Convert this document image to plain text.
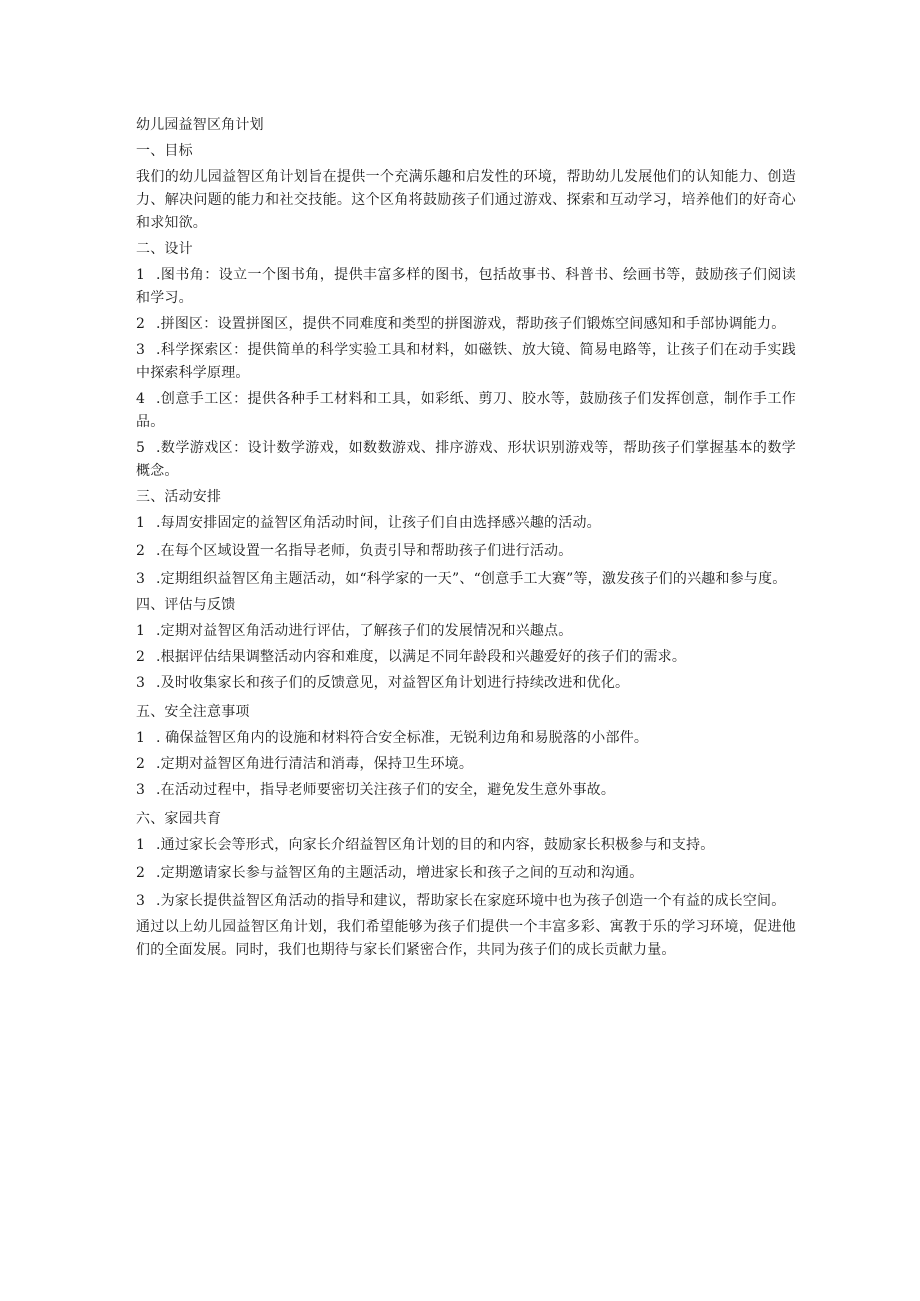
幼儿园益智区角计划
一、目标
我们的幼儿园益智区角计划旨在提供一个充满乐趣和启发性的环境，帮助幼儿发展他们的认知能力、创造力、解决问题的能力和社交技能。这个区角将鼓励孩子们通过游戏、探索和互动学习，培养他们的好奇心和求知欲。
二、设计
1 .图书角：设立一个图书角，提供丰富多样的图书，包括故事书、科普书、绘画书等，鼓励孩子们阅读和学习。
2 .拼图区：设置拼图区，提供不同难度和类型的拼图游戏，帮助孩子们锻炼空间感知和手部协调能力。
3 .科学探索区：提供简单的科学实验工具和材料，如磁铁、放大镜、简易电路等，让孩子们在动手实践中探索科学原理。
4 .创意手工区：提供各种手工材料和工具，如彩纸、剪刀、胶水等，鼓励孩子们发挥创意，制作手工作品。
5 .数学游戏区：设计数学游戏，如数数游戏、排序游戏、形状识别游戏等，帮助孩子们掌握基本的数学概念。
三、活动安排
1 .每周安排固定的益智区角活动时间，让孩子们自由选择感兴趣的活动。
2 .在每个区域设置一名指导老师，负责引导和帮助孩子们进行活动。
3 .定期组织益智区角主题活动，如“科学家的一天”、“创意手工大赛”等，激发孩子们的兴趣和参与度。
四、评估与反馈
1 .定期对益智区角活动进行评估，了解孩子们的发展情况和兴趣点。
2 .根据评估结果调整活动内容和难度，以满足不同年龄段和兴趣爱好的孩子们的需求。
3 .及时收集家长和孩子们的反馈意见，对益智区角计划进行持续改进和优化。
五、安全注意事项
1 . 确保益智区角内的设施和材料符合安全标准，无锐利边角和易脱落的小部件。
2 .定期对益智区角进行清洁和消毒，保持卫生环境。
3 .在活动过程中，指导老师要密切关注孩子们的安全，避免发生意外事故。
六、家园共育
1 .通过家长会等形式，向家长介绍益智区角计划的目的和内容，鼓励家长积极参与和支持。
2 .定期邀请家长参与益智区角的主题活动，增进家长和孩子之间的互动和沟通。
3 .为家长提供益智区角活动的指导和建议，帮助家长在家庭环境中也为孩子创造一个有益的成长空间。
通过以上幼儿园益智区角计划，我们希望能够为孩子们提供一个丰富多彩、寓教于乐的学习环境，促进他们的全面发展。同时，我们也期待与家长们紧密合作，共同为孩子们的成长贡献力量。
